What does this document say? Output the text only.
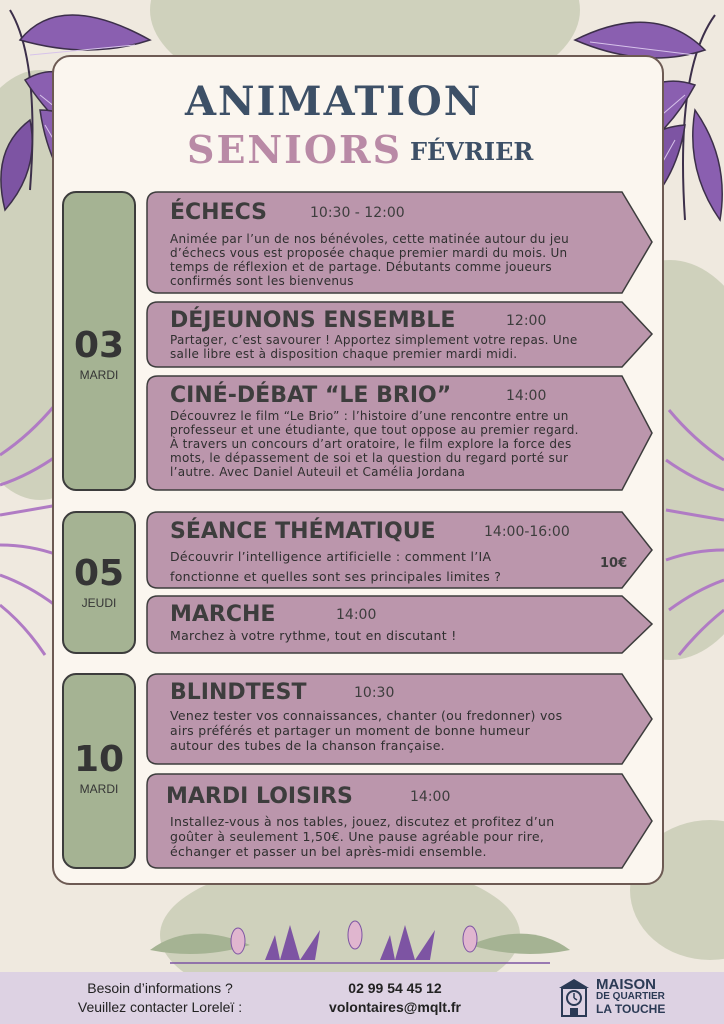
ANIMATION
SENIORS FÉVRIER
03
MARDI
05
JEUDI
10
MARDI
ÉCHECS	10:30 - 12:00
Animée par l’un de nos bénévoles, cette matinée autour du jeu
d’échecs vous est proposée chaque premier mardi du mois. Un
temps de réflexion et de partage. Débutants comme joueurs
confirmés sont les bienvenus
DÉJEUNONS ENSEMBLE	12:00
Partager, c’est savourer ! Apportez simplement votre repas. Une
salle libre est à disposition chaque premier mardi midi.
CINÉ-DÉBAT “LE BRIO”	14:00
Découvrez le film “Le Brio” : l’histoire d’une rencontre entre un
professeur et une étudiante, que tout oppose au premier regard.
À travers un concours d’art oratoire, le film explore la force des
mots, le dépassement de soi et la question du regard porté sur
l’autre. Avec Daniel Auteuil et Camélia Jordana
SÉANCE THÉMATIQUE	14:00-16:00
Découvrir l’intelligence artificielle : comment l’IA
fonctionne et quelles sont ses principales limites ?
10€
MARCHE	14:00
Marchez à votre rythme, tout en discutant !
BLINDTEST	10:30
Venez tester vos connaissances, chanter (ou fredonner) vos
airs préférés et partager un moment de bonne humeur
autour des tubes de la chanson française.
MARDI LOISIRS	14:00
Installez-vous à nos tables, jouez, discutez et profitez d’un
goûter à seulement 1,50€. Une pause agréable pour rire,
échanger et passer un bel après-midi ensemble.
Besoin d’informations ?
Veuillez contacter Loreleï :
02 99 54 45 12
volontaires@mqlt.fr
MAISON
DE QUARTIER
LA TOUCHE
